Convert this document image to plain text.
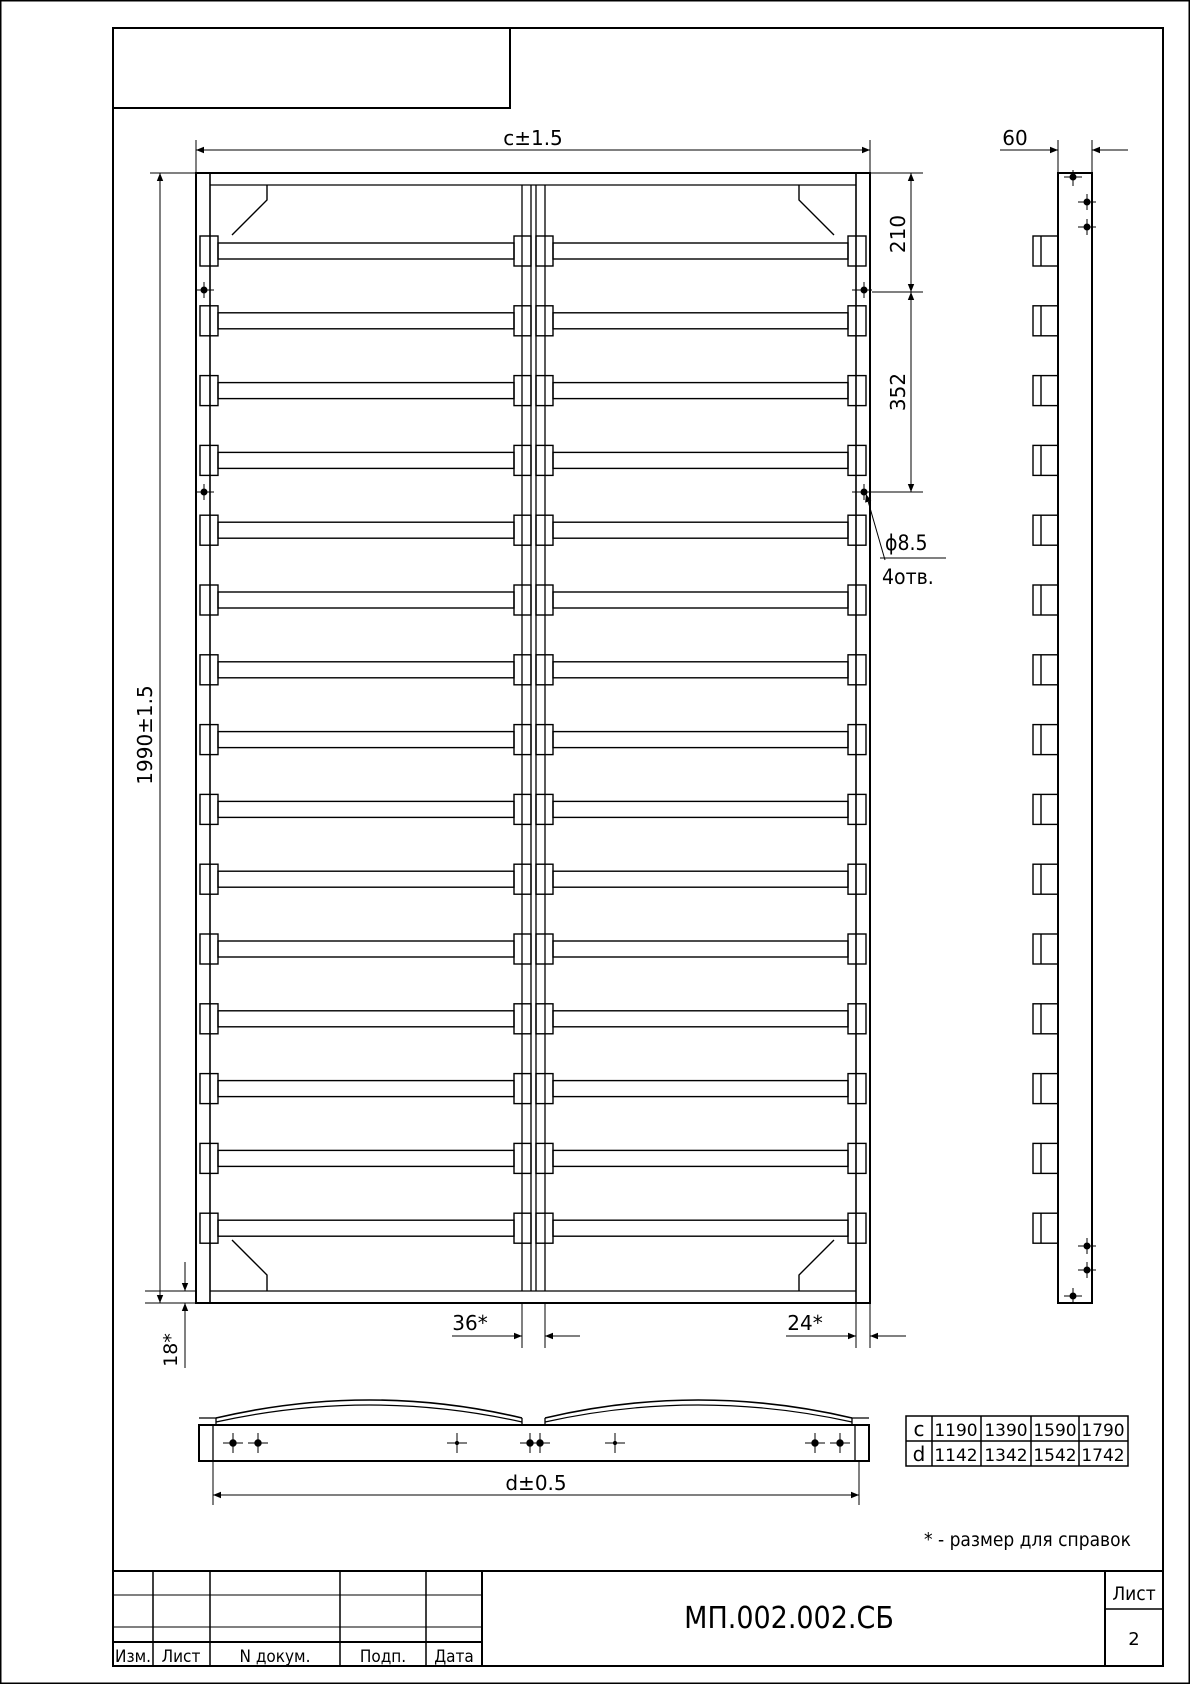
c±1.5
1990±1.5
18*
210
352
ϕ8.5
4отв.
36*	24*
60
d±0.5
c 1190 1390 1590 1790
d 1142 1342 1542 1742
* - размер для справок
Изм. Лист N докум.	Подп. Дата
МП.002.002.СБ
Лист
2
